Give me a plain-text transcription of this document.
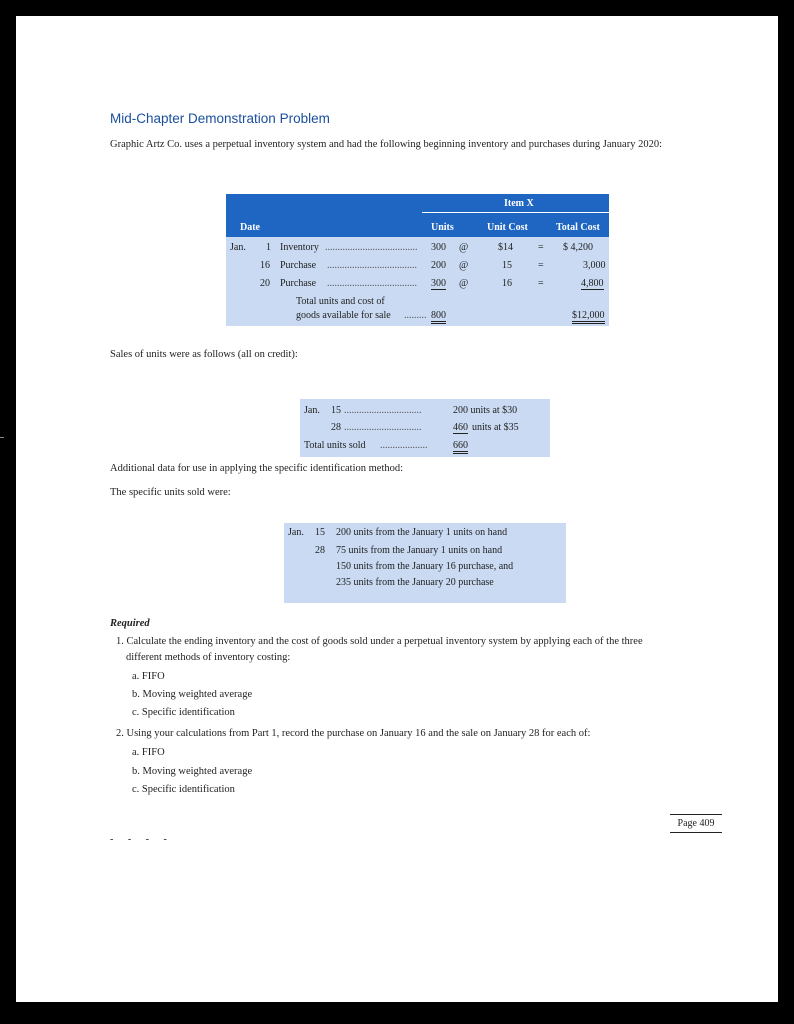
Mid-Chapter Demonstration Problem
Graphic Artz Co. uses a perpetual inventory system and had the following beginning inventory and purchases during January 2020:
Item X
Date	Units	Unit Cost	Total Cost
Jan. 1 Inventory ..................................... 300 @	$14	= $ 4,200
16 Purchase .................................... 200 @	15	=	3,000
20 Purchase .................................... 300 @	16	=	4,800
Total units and cost of
goods available for sale ......... 800	$12,000
Sales of units were as follows (all on credit):
Jan. 15 ...............................	200 units at $30
28 ...............................	460 units at $35
Total units sold ...................	660
Additional data for use in applying the specific identification method:
The specific units sold were:
Jan. 15 200 units from the January 1 units on hand
28 75 units from the January 1 units on hand
150 units from the January 16 purchase, and
235 units from the January 20 purchase
Required
1. Calculate the ending inventory and the cost of goods sold under a perpetual inventory system by applying each of the three
different methods of inventory costing:
a. FIFO
b. Moving weighted average
c. Specific identification
2. Using your calculations from Part 1, record the purchase on January 16 and the sale on January 28 for each of:
a. FIFO
b. Moving weighted average
c. Specific identification
Page 409
- - - -
